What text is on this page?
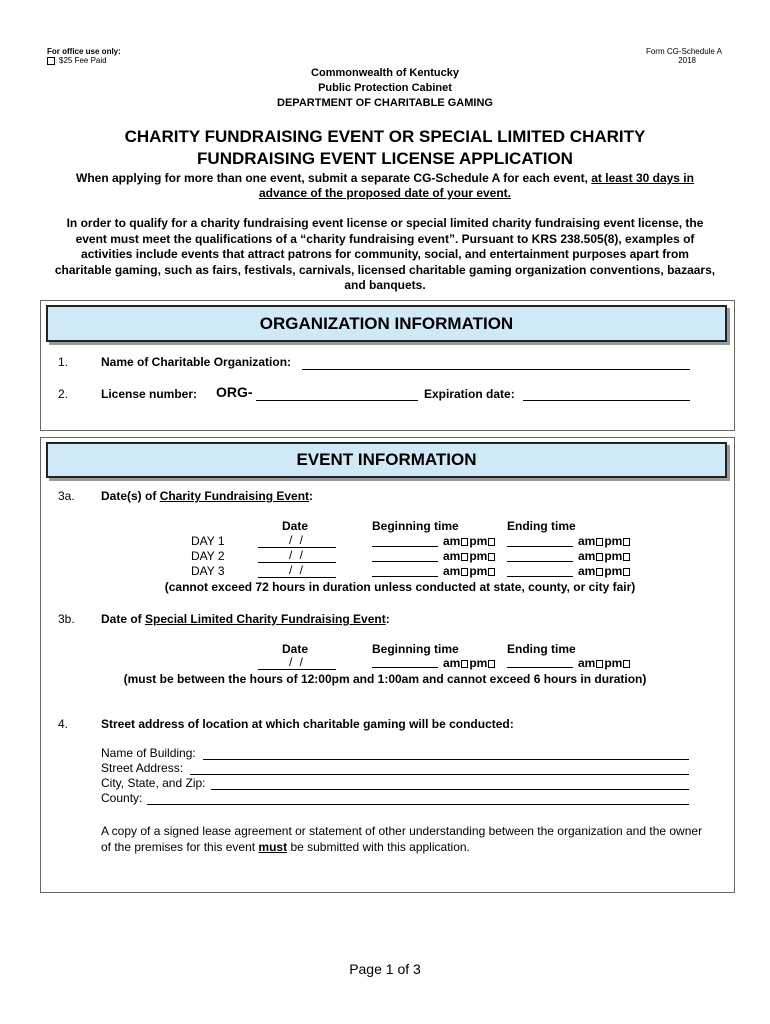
For office use only:
$25 Fee Paid
Form CG-Schedule A
2018
Commonwealth of Kentucky
Public Protection Cabinet
DEPARTMENT OF CHARITABLE GAMING
CHARITY FUNDRAISING EVENT OR SPECIAL LIMITED CHARITY
FUNDRAISING EVENT LICENSE APPLICATION
When applying for more than one event, submit a separate CG-Schedule A for each event, at least 30 days in
advance of the proposed date of your event.
In order to qualify for a charity fundraising event license or special limited charity fundraising event license, the
event must meet the qualifications of a “charity fundraising event”. Pursuant to KRS 238.505(8), examples of
activities include events that attract patrons for community, social, and entertainment purposes apart from
charitable gaming, such as fairs, festivals, carnivals, licensed charitable gaming organization conventions, bazaars,
and banquets.
ORGANIZATION INFORMATION
1.	Name of Charitable Organization:
2.	License number: ORG-	Expiration date:
EVENT INFORMATION
3a. Date(s) of Charity Fundraising Event:
Date	Beginning time	Ending time
DAY 1	/ /	am pm	am pm
DAY 2	/ /	am pm	am pm
DAY 3	/ /	am pm	am pm
(cannot exceed 72 hours in duration unless conducted at state, county, or city fair)
3b. Date of Special Limited Charity Fundraising Event:
Date	Beginning time	Ending time
/ /	am pm	am pm
(must be between the hours of 12:00pm and 1:00am and cannot exceed 6 hours in duration)
4.	Street address of location at which charitable gaming will be conducted:
Name of Building:
Street Address:
City, State, and Zip:
County:
A copy of a signed lease agreement or statement of other understanding between the organization and the owner
of the premises for this event must be submitted with this application.
Page 1 of 3
